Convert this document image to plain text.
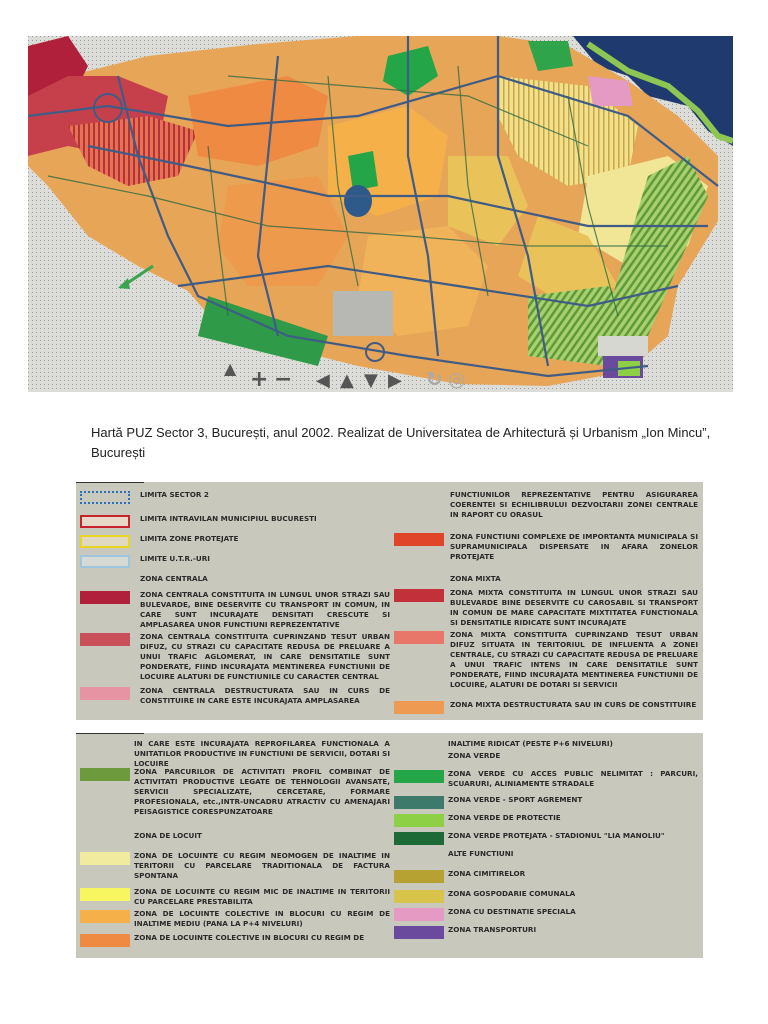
▲ + − ◀ ▲ ▼ ▶ ↻ ◎
Hartă PUZ Sector 3, București, anul 2002. Realizat de Universitatea de Arhitectură și Urbanism „Ion Mincu”, București
LIMITA SECTOR 2
LIMITA INTRAVILAN MUNICIPIUL BUCURESTI
LIMITA ZONE PROTEJATE
LIMITE U.T.R.-URI
ZONA CENTRALA
ZONA CENTRALA CONSTITUITA IN LUNGUL UNOR STRAZI SAU BULEVARDE, BINE DESERVITE CU TRANSPORT IN COMUN, IN CARE SUNT INCURAJATE DENSITATI CRESCUTE SI AMPLASAREA UNOR FUNCTIUNI REPREZENTATIVE
ZONA CENTRALA CONSTITUITA CUPRINZAND TESUT URBAN DIFUZ, CU STRAZI CU CAPACITATE REDUSA DE PRELUARE A UNUI TRAFIC AGLOMERAT, IN CARE DENSITATILE SUNT PONDERATE, FIIND INCURAJATA MENTINEREA FUNCTIUNII DE LOCUIRE ALATURI DE FUNCTIUNILE CU CARACTER CENTRAL
ZONA CENTRALA DESTRUCTURATA SAU IN CURS DE CONSTITUIRE IN CARE ESTE INCURAJATA AMPLASAREA
FUNCTIUNILOR REPREZENTATIVE PENTRU ASIGURAREA COERENTEI SI ECHILIBRULUI DEZVOLTARII ZONEI CENTRALE IN RAPORT CU ORASUL
ZONA FUNCTIUNI COMPLEXE DE IMPORTANTA MUNICIPALA SI SUPRAMUNICIPALA DISPERSATE IN AFARA ZONELOR PROTEJATE
ZONA MIXTA
ZONA MIXTA CONSTITUITA IN LUNGUL UNOR STRAZI SAU BULEVARDE BINE DESERVITE CU CAROSABIL SI TRANSPORT IN COMUN DE MARE CAPACITATE MIXTITATEA FUNCTIONALA SI DENSITATILE RIDICATE SUNT INCURAJATE
ZONA MIXTA CONSTITUITA CUPRINZAND TESUT URBAN DIFUZ SITUATA IN TERITORIUL DE INFLUENTA A ZONEI CENTRALE, CU STRAZI CU CAPACITATE REDUSA DE PRELUARE A UNUI TRAFIC INTENS IN CARE DENSITATILE SUNT PONDERATE, FIIND INCURAJATA MENTINEREA FUNCTIUNII DE LOCUIRE, ALATURI DE DOTARI SI SERVICII
ZONA MIXTA DESTRUCTURATA SAU IN CURS DE CONSTITUIRE
IN CARE ESTE INCURAJATA REPROFILAREA FUNCTIONALA A UNITATILOR PRODUCTIVE IN FUNCTIUNI DE SERVICII, DOTARI SI LOCUIRE
ZONA PARCURILOR DE ACTIVITATI PROFIL COMBINAT DE ACTIVITATI PRODUCTIVE LEGATE DE TEHNOLOGII AVANSATE, SERVICII SPECIALIZATE, CERCETARE, FORMARE PROFESIONALA, etc.,INTR-UNCADRU ATRACTIV CU AMENAJARI PEISAGISTICE CORESPUNZATOARE
ZONA DE LOCUIT
ZONA DE LOCUINTE CU REGIM NEOMOGEN DE INALTIME IN TERITORII CU PARCELARE TRADITIONALA DE FACTURA SPONTANA
ZONA DE LOCUINTE CU REGIM MIC DE INALTIME IN TERITORII CU PARCELARE PRESTABILITA
ZONA DE LOCUINTE COLECTIVE IN BLOCURI CU REGIM DE INALTIME MEDIU (PANA LA P+4 NIVELURI)
ZONA DE LOCUINTE COLECTIVE IN BLOCURI CU REGIM DE
INALTIME RIDICAT (PESTE P+6 NIVELURI)
ZONA VERDE
ZONA VERDE CU ACCES PUBLIC NELIMITAT : PARCURI, SCUARURI, ALINIAMENTE STRADALE
ZONA VERDE - SPORT AGREMENT
ZONA VERDE DE PROTECTIE
ZONA VERDE PROTEJATA - STADIONUL "LIA MANOLIU"
ALTE FUNCTIUNI
ZONA CIMITIRELOR
ZONA GOSPODARIE COMUNALA
ZONA CU DESTINATIE SPECIALA
ZONA TRANSPORTURI
